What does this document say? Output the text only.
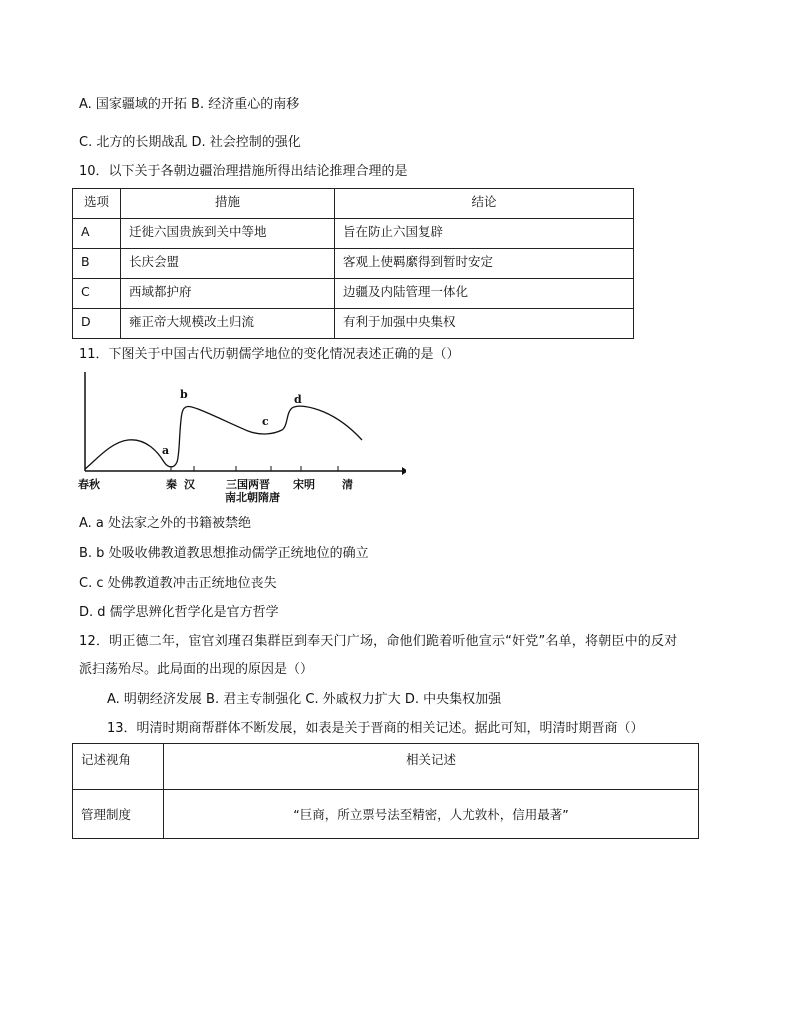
A. 国家疆域的开拓 B. 经济重心的南移
C. 北方的长期战乱 D. 社会控制的强化
10．以下关于各朝边疆治理措施所得出结论推理合理的是
选项	措施	结论
A	迁徙六国贵族到关中等地	旨在防止六国复辟
B	长庆会盟	客观上使羁縻得到暂时安定
C	西域都护府	边疆及内陆管理一体化
D	雍正帝大规模改土归流	有利于加强中央集权
11．下图关于中国古代历朝儒学地位的变化情况表述正确的是（）
a
b
c
d
春秋	秦 汉	三国两晋 宋明 清
南北朝隋唐
A. a 处法家之外的书籍被禁绝
B. b 处吸收佛教道教思想推动儒学正统地位的确立
C. c 处佛教道教冲击正统地位丧失
D. d 儒学思辨化哲学化是官方哲学
12．明正德二年，宦官刘瑾召集群臣到奉天门广场，命他们跪着听他宣示“奸党”名单，将朝臣中的反对
派扫荡殆尽。此局面的出现的原因是（）
A. 明朝经济发展 B. 君主专制强化 C. 外戚权力扩大 D. 中央集权加强
13．明清时期商帮群体不断发展，如表是关于晋商的相关记述。据此可知，明清时期晋商（）
记述视角	相关记述
管理制度	“巨商，所立票号法至精密，人尤敦朴，信用最著”
